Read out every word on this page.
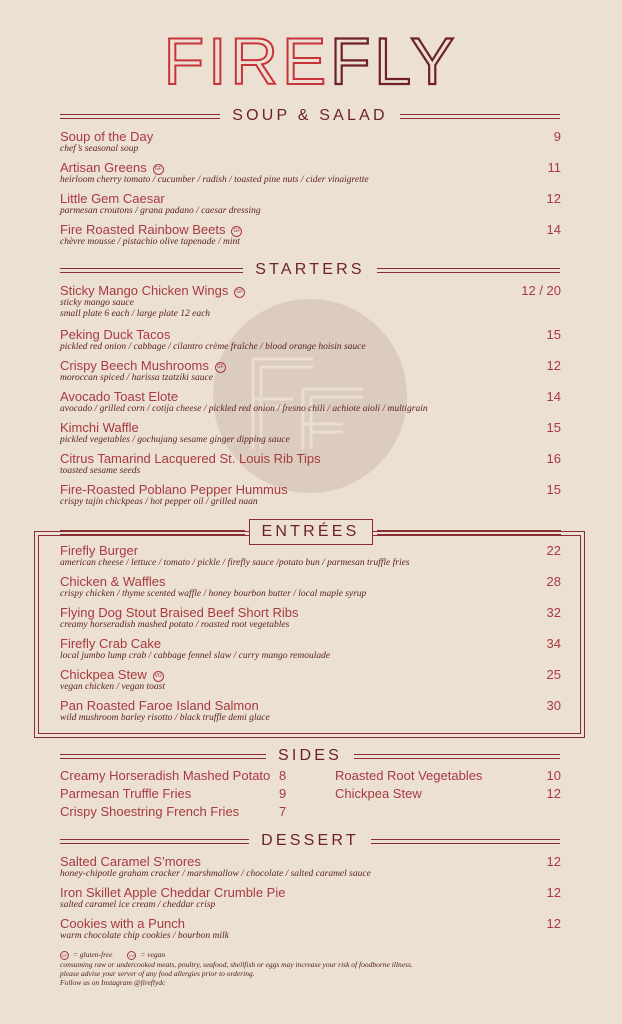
FIREFLY
SOUP & SALAD
Soup of the Day	9
chef’s seasonal soup
Artisan Greens GF	11
heirloom cherry tomato / cucumber / radish / toasted pine nuts / cider vinaigrette
Little Gem Caesar	12
parmesan croutons / grana padano / caesar dressing
Fire Roasted Rainbow Beets GF	14
chèvre mousse / pistachio olive tapenade / mint
STARTERS
Sticky Mango Chicken Wings GF	12 / 20
sticky mango sauce
small plate 6 each / large plate 12 each
Peking Duck Tacos	15
pickled red onion / cabbage / cilantro crème fraîche / blood orange hoisin sauce
Crispy Beech Mushrooms GF	12
moroccan spiced / harissa tzatziki sauce
Avocado Toast Elote	14
avocado / grilled corn / cotija cheese / pickled red onion / fresno chili / achiote aioli / multigrain
Kimchi Waffle	15
pickled vegetables / gochujang sesame ginger dipping sauce
Citrus Tamarind Lacquered St. Louis Rib Tips	16
toasted sesame seeds
Fire-Roasted Poblano Pepper Hummus	15
crispy tajín chickpeas / hot pepper oil / grilled naan
ENTRÉES
Firefly Burger	22
american cheese / lettuce / tomato / pickle / firefly sauce /potato bun / parmesan truffle fries
Chicken & Waffles	28
crispy chicken / thyme scented waffle / honey bourbon butter / local maple syrup
Flying Dog Stout Braised Beef Short Ribs	32
creamy horseradish mashed potato / roasted root vegetables
Firefly Crab Cake	34
local jumbo lump crab / cabbage fennel slaw / curry mango remoulade
Chickpea Stew VG	25
vegan chicken / vegan toast
Pan Roasted Faroe Island Salmon	30
wild mushroom barley risotto / black truffle demi glace
SIDES
Creamy Horseradish Mashed Potato 8	Roasted Root Vegetables	10
Parmesan Truffle Fries	9	Chickpea Stew	12
Crispy Shoestring French Fries	7
DESSERT
Salted Caramel S’mores	12
honey-chipotle graham cracker / marshmallow / chocolate / salted caramel sauce
Iron Skillet Apple Cheddar Crumble Pie	12
salted caramel ice cream / cheddar crisp
Cookies with a Punch	12
warm chocolate chip cookies / bourbon milk
GF = gluten-free	VG = vegan
consuming raw or undercooked meats, poultry, seafood, shellfish or eggs may increase your risk of foodborne illness.
please advise your server of any food allergies prior to ordering.
Follow us on Instagram @fireflydc
